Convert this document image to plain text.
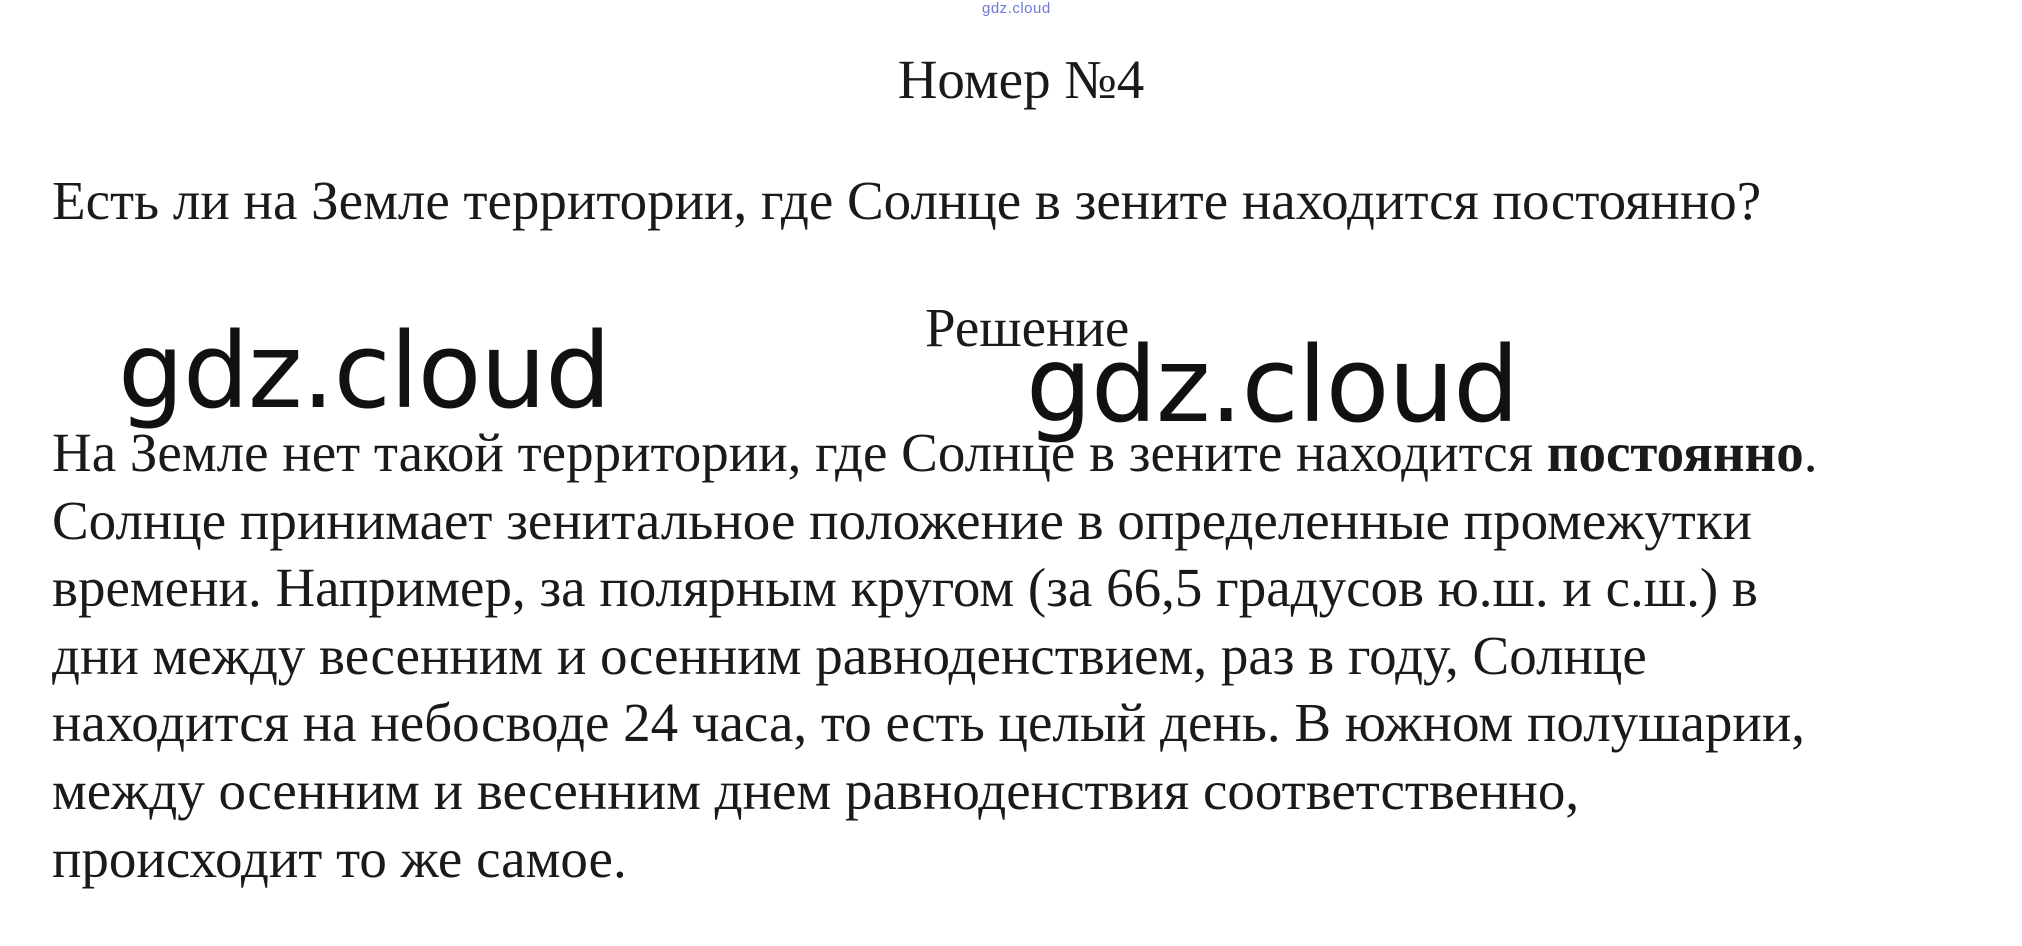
gdz.cloud
Номер №4
Есть ли на Земле территории, где Солнце в зените находится постоянно?
Решение
gdz.cloud	gdz.cloud
На Земле нет такой территории, где Солнце в зените находится постоянно.
Солнце принимает зенитальное положение в определенные промежутки
времени. Например, за полярным кругом (за 66,5 градусов ю.ш. и с.ш.) в
дни между весенним и осенним равноденствием, раз в году, Солнце
находится на небосводе 24 часа, то есть целый день. В южном полушарии,
между осенним и весенним днем равноденствия соответственно,
происходит то же самое.
